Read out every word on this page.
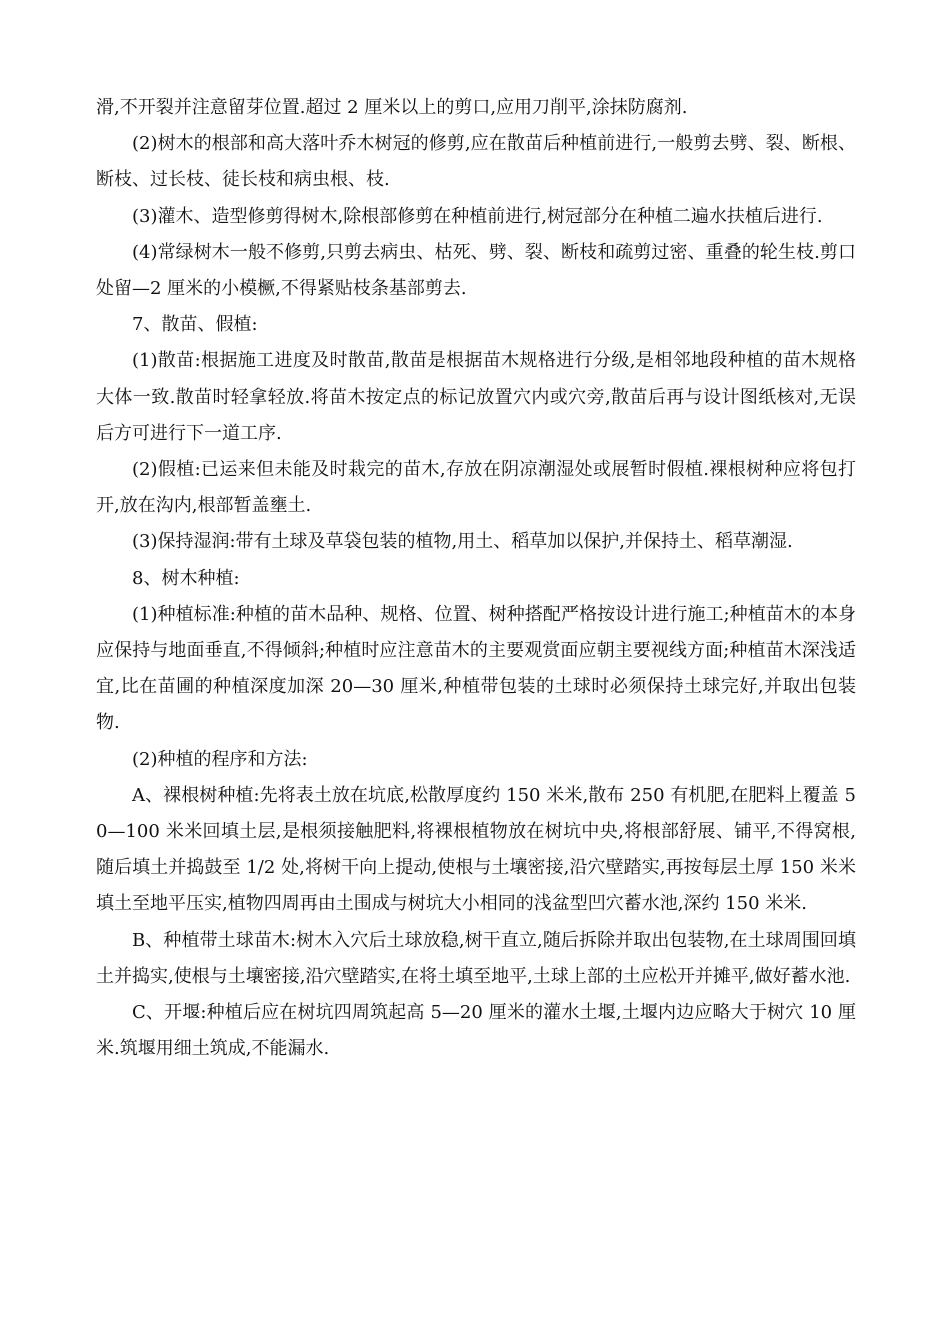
滑,不开裂并注意留芽位置.超过 2 厘米以上的剪口,应用刀削平,涂抹防腐剂.

(2)树木的根部和高大落叶乔木树冠的修剪,应在散苗后种植前进行,一般剪去劈、裂、断根、断枝、过长枝、徒长枝和病虫根、枝.

(3)灌木、造型修剪得树木,除根部修剪在种植前进行,树冠部分在种植二遍水扶植后进行.

(4)常绿树木一般不修剪,只剪去病虫、枯死、劈、裂、断枝和疏剪过密、重叠的轮生枝.剪口处留—2 厘米的小模橛,不得紧贴枝条基部剪去.

7、散苗、假植:

(1)散苗:根据施工进度及时散苗,散苗是根据苗木规格进行分级,是相邻地段种植的苗木规格大体一致.散苗时轻拿轻放.将苗木按定点的标记放置穴内或穴旁,散苗后再与设计图纸核对,无误后方可进行下一道工序.

(2)假植:已运来但未能及时栽完的苗木,存放在阴凉潮湿处或展暂时假植.裸根树种应将包打开,放在沟内,根部暂盖壅土.

(3)保持湿润:带有土球及草袋包装的植物,用土、稻草加以保护,并保持土、稻草潮湿.

8、树木种植:

(1)种植标准:种植的苗木品种、规格、位置、树种搭配严格按设计进行施工;种植苗木的本身应保持与地面垂直,不得倾斜;种植时应注意苗木的主要观赏面应朝主要视线方面;种植苗木深浅适宜,比在苗圃的种植深度加深 20—30 厘米,种植带包装的土球时必须保持土球完好,并取出包装物.

(2)种植的程序和方法:

A、裸根树种植:先将表土放在坑底,松散厚度约 150 米米,散布 250 有机肥,在肥料上覆盖 50—100 米米回填土层,是根须接触肥料,将裸根植物放在树坑中央,将根部舒展、铺平,不得窝根,随后填土并捣鼓至 1/2 处,将树干向上提动,使根与土壤密接,沿穴壁踏实,再按每层土厚 150 米米填土至地平压实,植物四周再由土围成与树坑大小相同的浅盆型凹穴蓄水池,深约 150 米米.

B、种植带土球苗木:树木入穴后土球放稳,树干直立,随后拆除并取出包装物,在土球周围回填土并捣实,使根与土壤密接,沿穴壁踏实,在将土填至地平,土球上部的土应松开并摊平,做好蓄水池.

C、开堰:种植后应在树坑四周筑起高 5—20 厘米的灌水土堰,土堰内边应略大于树穴 10 厘米.筑堰用细土筑成,不能漏水.
